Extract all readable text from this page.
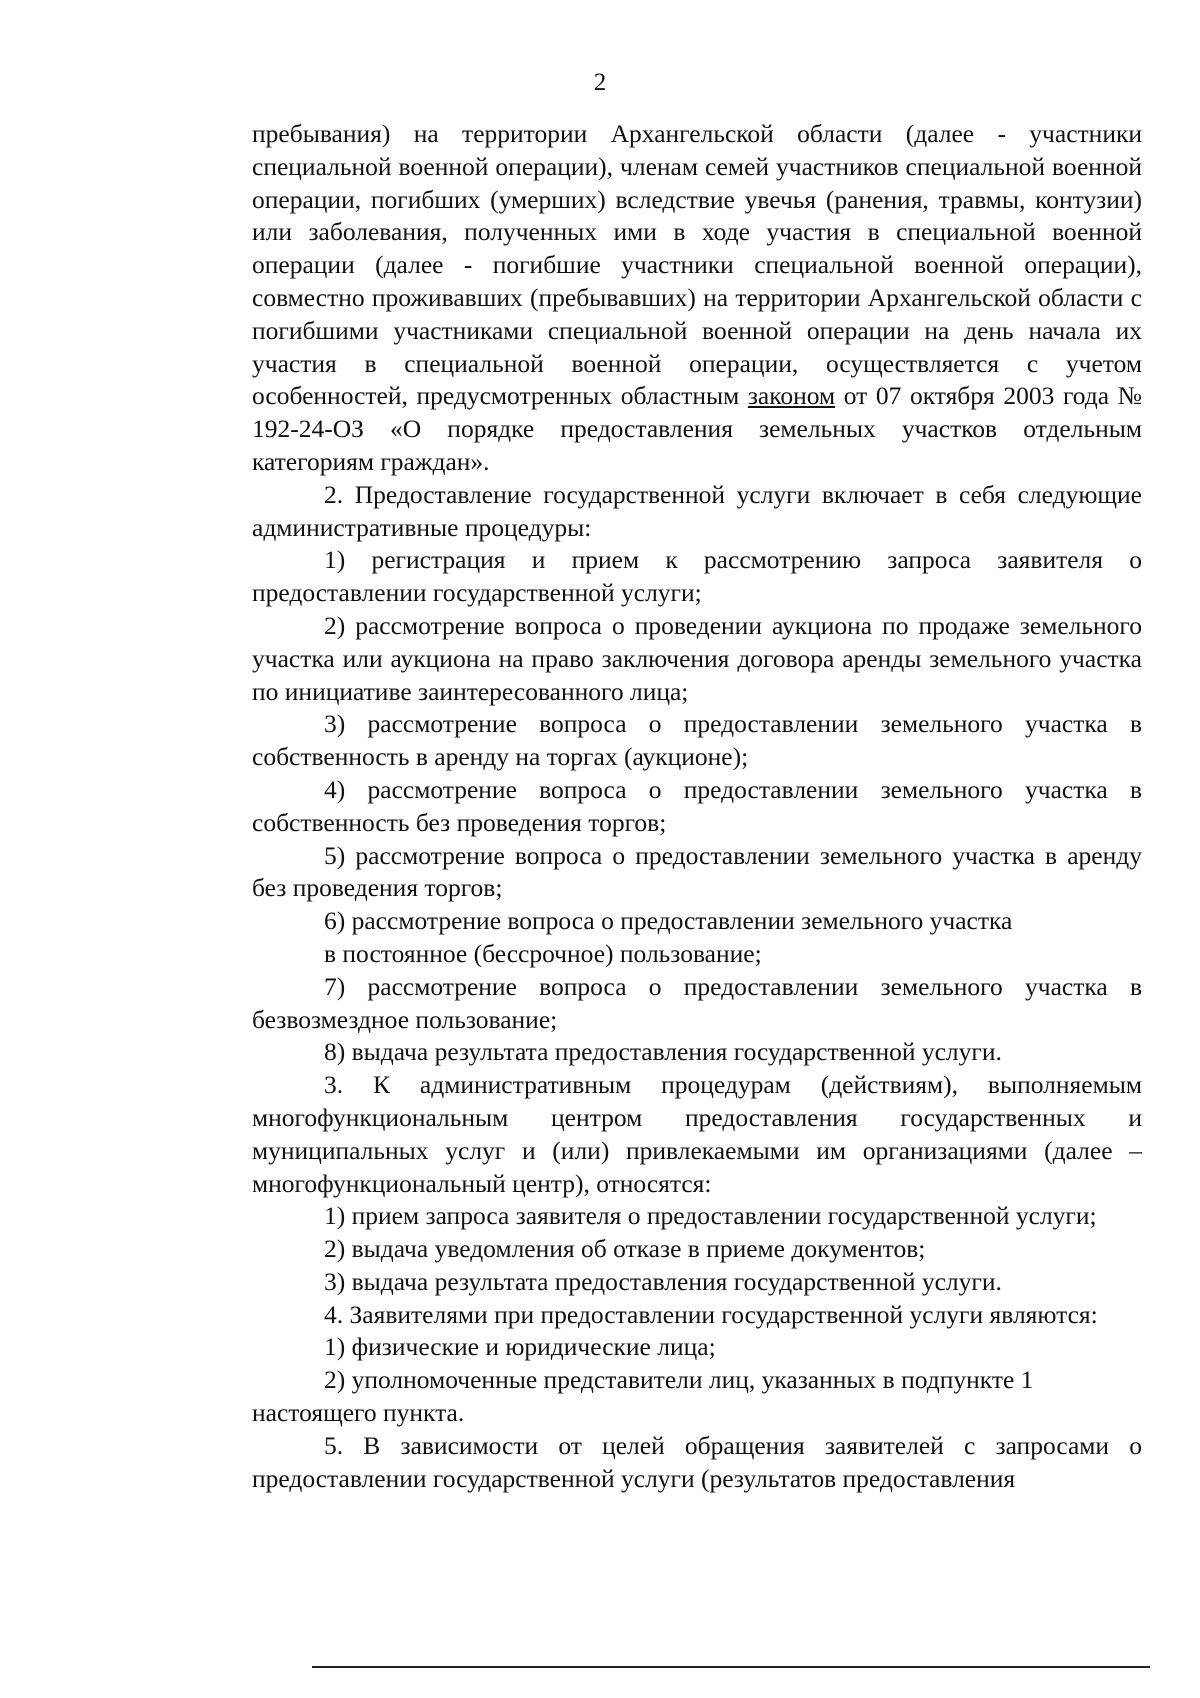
2

пребывания) на территории Архангельской области (далее - участники специальной военной операции), членам семей участников специальной военной операции, погибших (умерших) вследствие увечья (ранения, травмы, контузии) или заболевания, полученных ими в ходе участия в специальной военной операции (далее - погибшие участники специальной военной операции), совместно проживавших (пребывавших) на территории Архангельской области с погибшими участниками специальной военной операции на день начала их участия в специальной военной операции, осуществляется с учетом особенностей, предусмотренных областным законом от 07 октября 2003 года № 192-24-ОЗ «О порядке предоставления земельных участков отдельным категориям граждан».

2. Предоставление государственной услуги включает в себя следующие административные процедуры:

1) регистрация и прием к рассмотрению запроса заявителя о предоставлении государственной услуги;

2) рассмотрение вопроса о проведении аукциона по продаже земельного участка или аукциона на право заключения договора аренды земельного участка по инициативе заинтересованного лица;

3) рассмотрение вопроса о предоставлении земельного участка в собственность в аренду на торгах (аукционе);

4) рассмотрение вопроса о предоставлении земельного участка в собственность без проведения торгов;

5) рассмотрение вопроса о предоставлении земельного участка в аренду без проведения торгов;

6) рассмотрение вопроса о предоставлении земельного участка

в постоянное (бессрочное) пользование;

7) рассмотрение вопроса о предоставлении земельного участка в безвозмездное пользование;

8) выдача результата предоставления государственной услуги.

3. К административным процедурам (действиям), выполняемым многофункциональным центром предоставления государственных и муниципальных услуг и (или) привлекаемыми им организациями (далее – многофункциональный центр), относятся:

1) прием запроса заявителя о предоставлении государственной услуги;

2) выдача уведомления об отказе в приеме документов;

3) выдача результата предоставления государственной услуги.

4. Заявителями при предоставлении государственной услуги являются:

1) физические и юридические лица;

2) уполномоченные представители лиц, указанных в подпункте 1

настоящего пункта.

5. В зависимости от целей обращения заявителей с запросами о предоставлении государственной услуги (результатов предоставления
